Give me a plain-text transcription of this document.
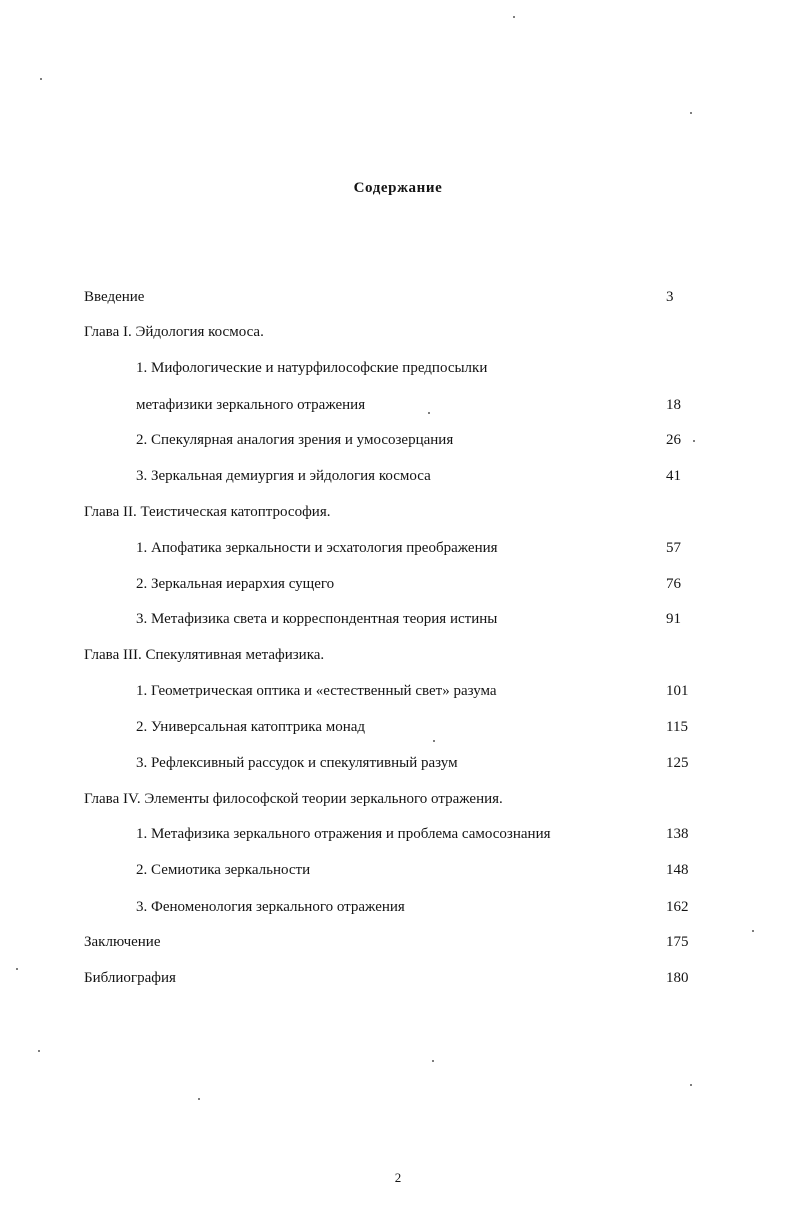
Содержание
Введение	3
Глава I. Эйдология космоса.
1. Мифологические и натурфилософские предпосылки
метафизики зеркального отражения	18
2. Спекулярная аналогия зрения и умосозерцания	26
3. Зеркальная демиургия и эйдология космоса	41
Глава II. Теистическая катоптрософия.
1. Апофатика зеркальности и эсхатология преображения	57
2. Зеркальная иерархия сущего	76
3. Метафизика света и корреспондентная теория истины	91
Глава III. Спекулятивная метафизика.
1. Геометрическая оптика и «естественный свет» разума	101
2. Универсальная катоптрика монад	115
3. Рефлексивный рассудок и спекулятивный разум	125
Глава IV. Элементы философской теории зеркального отражения.
1. Метафизика зеркального отражения и проблема самосознания	138
2. Семиотика зеркальности	148
3. Феноменология зеркального отражения	162
Заключение	175
Библиография	180
2
